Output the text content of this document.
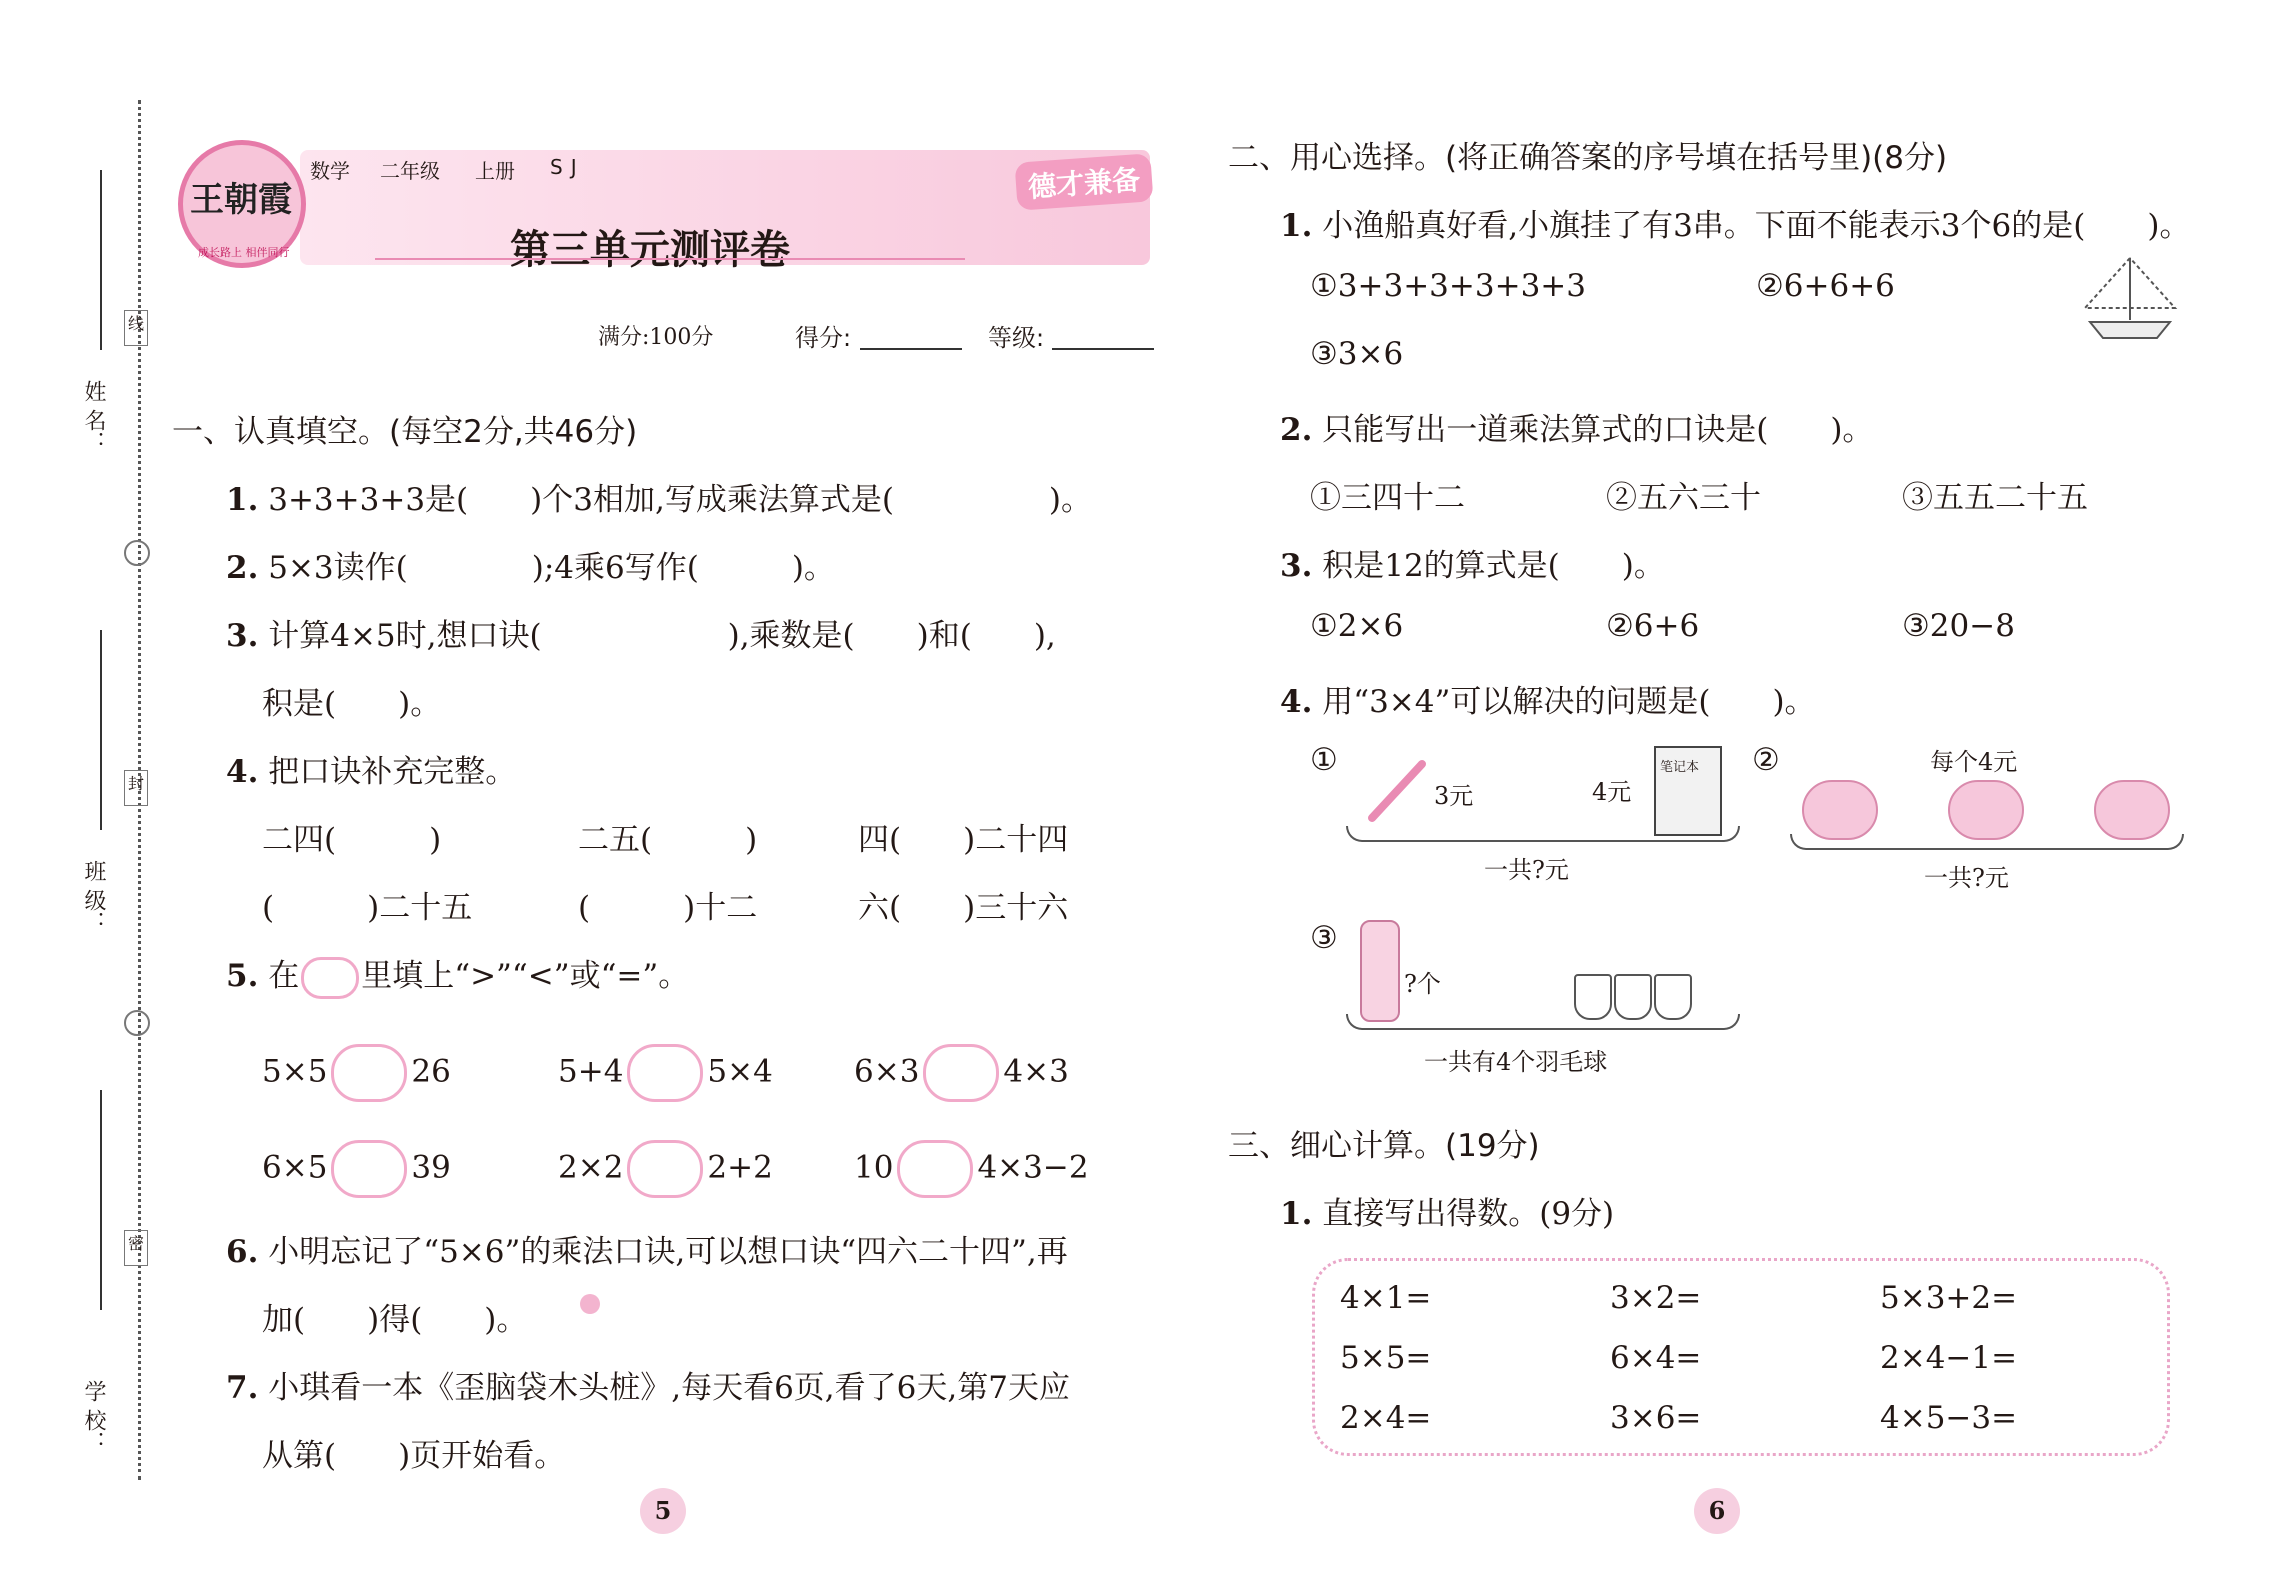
姓 名：
线
班 级：
封
学 校：
密
王朝霞
成长路上 相伴同行
数学 二年级 上册 SJ	德才兼备
第三单元测评卷
满分:100分	得分:	等级:
一、认真填空。(每空2分,共46分)
1. 3+3+3+3是(　　)个3相加,写成乘法算式是(　　　　　)。
2. 5×3读作(　　　　);4乘6写作(　　　)。
3. 计算4×5时,想口诀(　　　　　　),乘数是(　　)和(　　),
积是(　　)。
4. 把口诀补充完整。
二四(　　　)	二五(　　　)	四(　　)二十四
(　　　)二十五	(　　　)十二	六(　　)三十六
5. 在 里填上“>”“<”或“=”。
5×5	26	5+4	5×4	6×3	4×3
6×5	39	2×2	2+2	10	4×3−2
6. 小明忘记了“5×6”的乘法口诀,可以想口诀“四六二十四”,再
加(　　)得(　　)。
7. 小琪看一本《歪脑袋木头桩》,每天看6页,看了6天,第7天应
从第(　　)页开始看。
二、用心选择。(将正确答案的序号填在括号里)(8分)
1. 小渔船真好看,小旗挂了有3串。下面不能表示3个6的是(　　)。
①3+3+3+3+3+3	②6+6+6
③3×6
2. 只能写出一道乘法算式的口诀是(　　)。
①三四十二	②五六三十	③五五二十五
3. 积是12的算式是(　　)。
①2×6	②6+6	③20−8
4. 用“3×4”可以解决的问题是(　　)。
①
3元	4元
笔记本
一共?元
②	每个4元
一共?元
③
?个
一共有4个羽毛球
三、细心计算。(19分)
1. 直接写出得数。(9分)
4×1=	3×2=	5×3+2=
5×5=	6×4=	2×4−1=
2×4=	3×6=	4×5−3=
5	6
